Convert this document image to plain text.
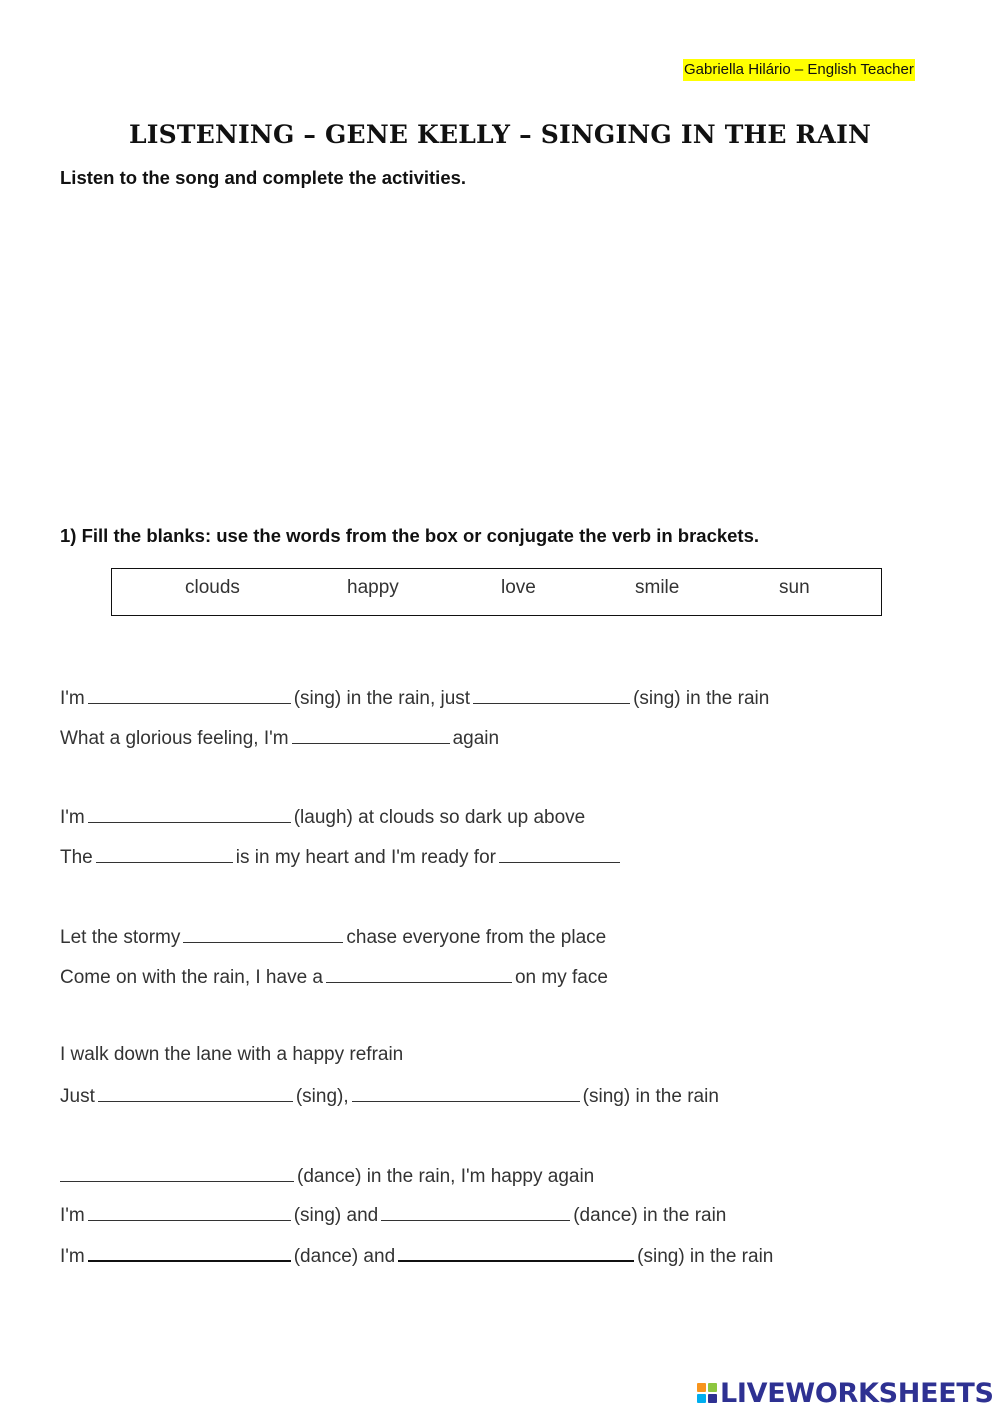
Gabriella Hilário – English Teacher
LISTENING – GENE KELLY – SINGING IN THE RAIN
Listen to the song and complete the activities.
1) Fill the blanks: use the words from the box or conjugate the verb in brackets.
clouds	happy	love	smile	sun
I'm	(sing) in the rain, just	(sing) in the rain
What a glorious feeling, I'm	again
I'm	(laugh) at clouds so dark up above
The	is in my heart and I'm ready for
Let the stormy	chase everyone from the place
Come on with the rain, I have a	on my face
I walk down the lane with a happy refrain
Just	(sing),	(sing) in the rain
(dance) in the rain, I'm happy again
I'm	(sing) and	(dance) in the rain
I'm	(dance) and	(sing) in the rain
LIVEWORKSHEETS
